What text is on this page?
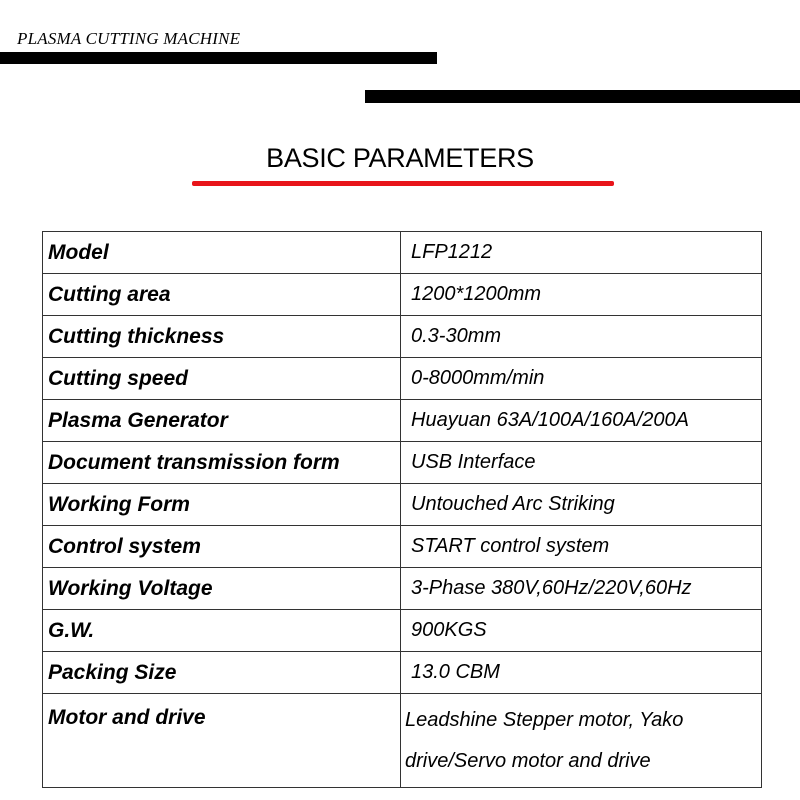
PLASMA CUTTING MACHINE
BASIC PARAMETERS
Model	LFP1212
Cutting area	1200*1200mm
Cutting thickness	0.3-30mm
Cutting speed	0-8000mm/min
Plasma Generator	Huayuan 63A/100A/160A/200A
Document transmission form	USB Interface
Working Form	Untouched Arc Striking
Control system	START control system
Working Voltage	3-Phase 380V,60Hz/220V,60Hz
G.W.	900KGS
Packing Size	13.0 CBM
Motor and drive	Leadshine Stepper motor, Yako drive/Servo motor and drive
